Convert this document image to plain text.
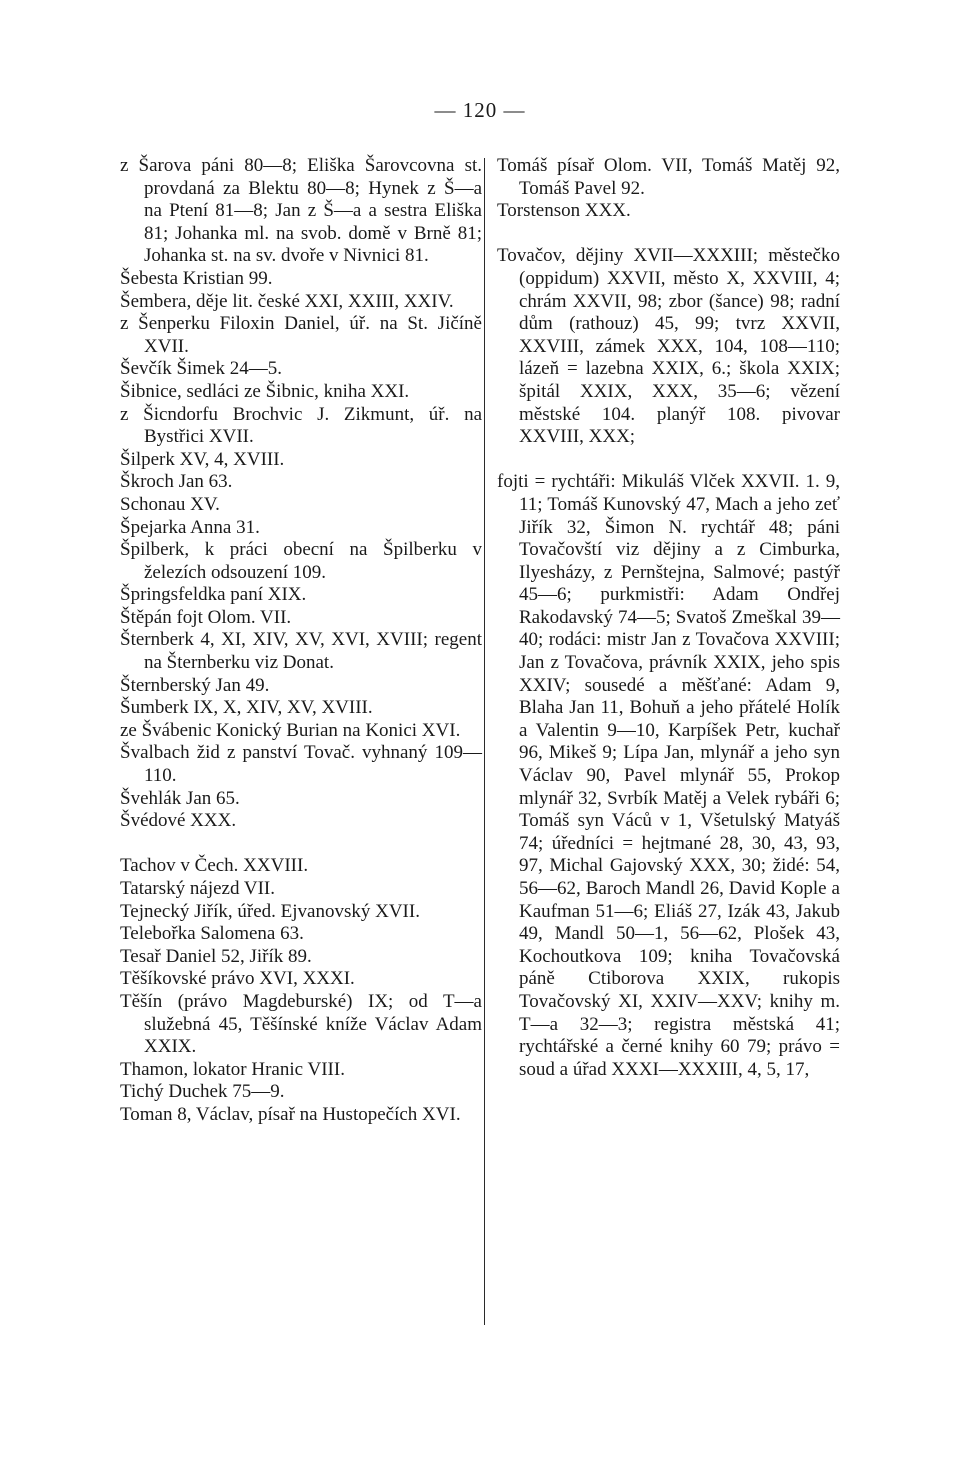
— 120 —

z Šarova páni 80—8; Eliška Šarovcovna st. provdaná za Blektu 80—8; Hynek z Š—a na Ptení 81—8; Jan z Š—a a sestra Eliška 81; Johanka ml. na svob. domě v Brně 81; Johanka st. na sv. dvoře v Nivnici 81.

Šebesta Kristian 99.

Šembera, děje lit. české XXI, XXIII, XXIV.

z Šenperku Filoxin Daniel, úř. na St. Jičíně XVII.

Ševčík Šimek 24—5.

Šibnice, sedláci ze Šibnic, kniha XXI.

z Šicndorfu Brochvic J. Zikmunt, úř. na Bystřici XVII.

Šilperk XV, 4, XVIII.

Škroch Jan 63.

Schonau XV.

Špejarka Anna 31.

Špilberk, k práci obecní na Špilberku v železích odsouzení 109.

Špringsfeldka paní XIX.

Štěpán fojt Olom. VII.

Šternberk 4, XI, XIV, XV, XVI, XVIII; regent na Šternberku viz Donat.

Šternberský Jan 49.

Šumberk IX, X, XIV, XV, XVIII.

ze Švábenic Konický Burian na Konici XVI.

Švalbach žid z panství Tovač. vyhnaný 109—110.

Švehlák Jan 65.

Švédové XXX.

Tachov v Čech. XXVIII.

Tatarský nájezd VII.

Tejnecký Jiřík, úřed. Ejvanovský XVII.

Telebořka Salomena 63.

Tesař Daniel 52, Jiřík 89.

Těšíkovské právo XVI, XXXI.

Těšín (právo Magdeburské) IX; od T—a služebná 45, Těšínské kníže Václav Adam XXIX.

Thamon, lokator Hranic VIII.

Tichý Duchek 75—9.

Toman 8, Václav, písař na Hustopečích XVI.

Tomáš písař Olom. VII, Tomáš Matěj 92, Tomáš Pavel 92.

Torstenson XXX.

Tovačov, dějiny XVII—XXXIII; městečko (oppidum) XXVII, město X, XXVIII, 4; chrám XXVII, 98; zbor (šance) 98; radní dům (rathouz) 45, 99; tvrz XXVII, XXVIII, zámek XXX, 104, 108—110; lázeň = lazebna XXIX, 6.; škola XXIX; špitál XXIX, XXX, 35—6; vězení městské 104. planýř 108. pivovar XXVIII, XXX;

fojti = rychtáři: Mikuláš Vlček XXVII. 1. 9, 11; Tomáš Kunovský 47, Mach a jeho zeť Jiřík 32, Šimon N. rychtář 48; páni Tovačovští viz dějiny a z Cimburka, Ilyesházy, z Pernštejna, Salmové; pastýř 45—6; purkmistři: Adam Ondřej Rakodavský 74—5; Svatoš Zmeškal 39—40; rodáci: mistr Jan z Tovačova XXVIII; Jan z Tovačova, právník XXIX, jeho spis XXIV; sousedé a měšťané: Adam 9, Blaha Jan 11, Bohuň a jeho přátelé Holík a Valentin 9—10, Karpíšek Petr, kuchař 96, Mikeš 9; Lípa Jan, mlynář a jeho syn Václav 90, Pavel mlynář 55, Prokop mlynář 32, Svrbík Matěj a Velek rybáři 6; Tomáš syn Váců v 1, Všetulský Matyáš 74; úředníci = hejtmané 28, 30, 43, 93, 97, Michal Gajovský XXX, 30; židé: 54, 56—62, Baroch Mandl 26, David Kople a Kaufman 51—6; Eliáš 27, Izák 43, Jakub 49, Mandl 50—1, 56—62, Plošek 43, Kochoutkova 109; kniha Tovačovská páně Ctiborova XXIX, rukopis Tovačovský XI, XXIV—XXV; knihy m. T—a 32—3; registra městská 41; rychtářské a černé knihy 60 79; právo = soud a úřad XXXI—XXXIII, 4, 5, 17,
